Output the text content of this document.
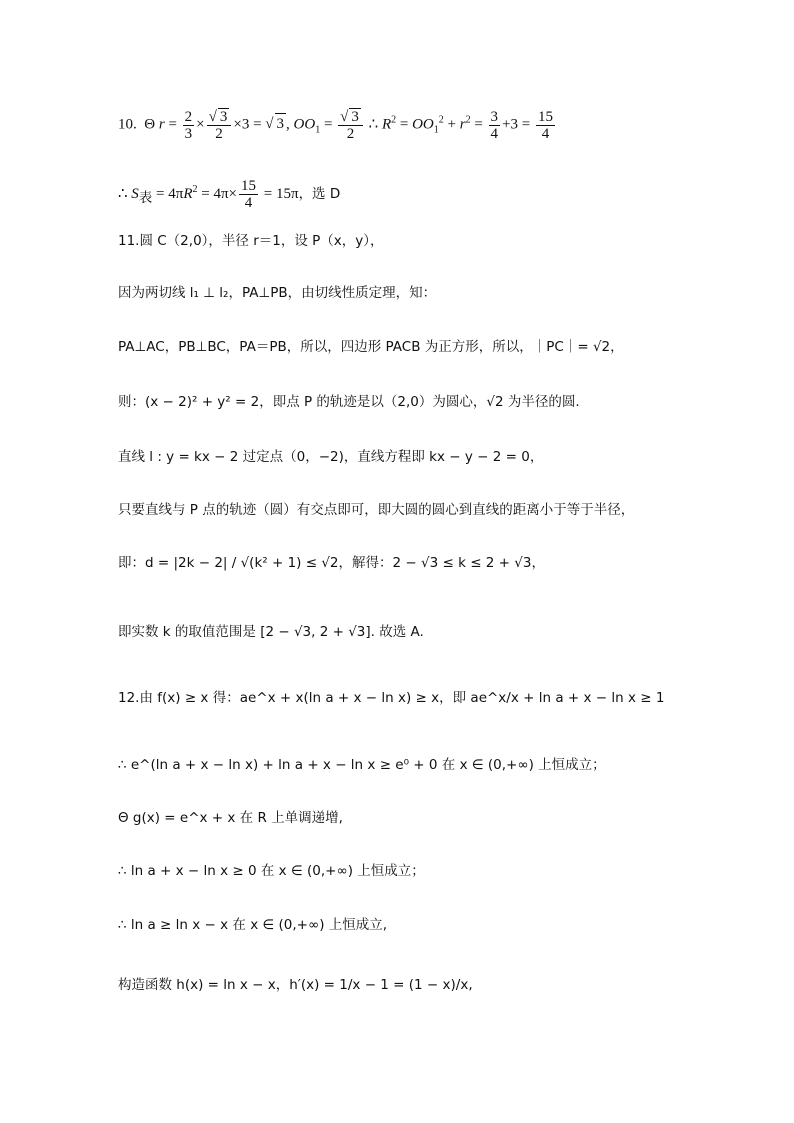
10.  Θ $r = \frac{2}{3}$ × √ $\frac{3}{2} \times 3$ = √ 3 , $OO_1$ = √ $\frac{3}{2}$ ∴ $R^2 = OO_1^2 + r^2 = \frac{3}{4} +3 = \frac{15}{4}$
∴ $S_表 = 4\pi R^2 = 4\pi\times \frac{15}{4} = 15\pi$，选 D
11.圆 C（2,0），半径 r＝1，设 P（x，y），
因为两切线 l₁ ⊥ l₂，PA⊥PB，由切线性质定理，知：
PA⊥AC，PB⊥BC，PA＝PB，所以，四边形 PACB 为正方形，所以，｜PC｜= √2，
则：(x − 2)² + y² = 2，即点 P 的轨迹是以（2,0）为圆心，√2 为半径的圆.
直线 l : y = kx − 2 过定点（0，−2)，直线方程即 kx − y − 2 = 0，
只要直线与 P 点的轨迹（圆）有交点即可，即大圆的圆心到直线的距离小于等于半径，
即：d = |2k − 2| / √(k² + 1) ≤ √2，解得：2 − √3 ≤ k ≤ 2 + √3，
即实数 k 的取值范围是 [2 − √3, 2 + √3]. 故选 A.
12.由 f(x) ≥ x 得：ae^x + x(ln a + x − ln x) ≥ x，即 ae^x/x + ln a + x − ln x ≥ 1
∴ e^(ln a + x − ln x) + ln a + x − ln x ≥ e⁰ + 0 在 x ∈ (0,+∞) 上恒成立；
Θ g(x) = e^x + x 在 R 上单调递增,
∴ ln a + x − ln x ≥ 0 在 x ∈ (0,+∞) 上恒成立；
∴ ln a ≥ ln x − x 在 x ∈ (0,+∞) 上恒成立,
构造函数 h(x) = ln x − x，h′(x) = 1/x − 1 = (1 − x)/x,
